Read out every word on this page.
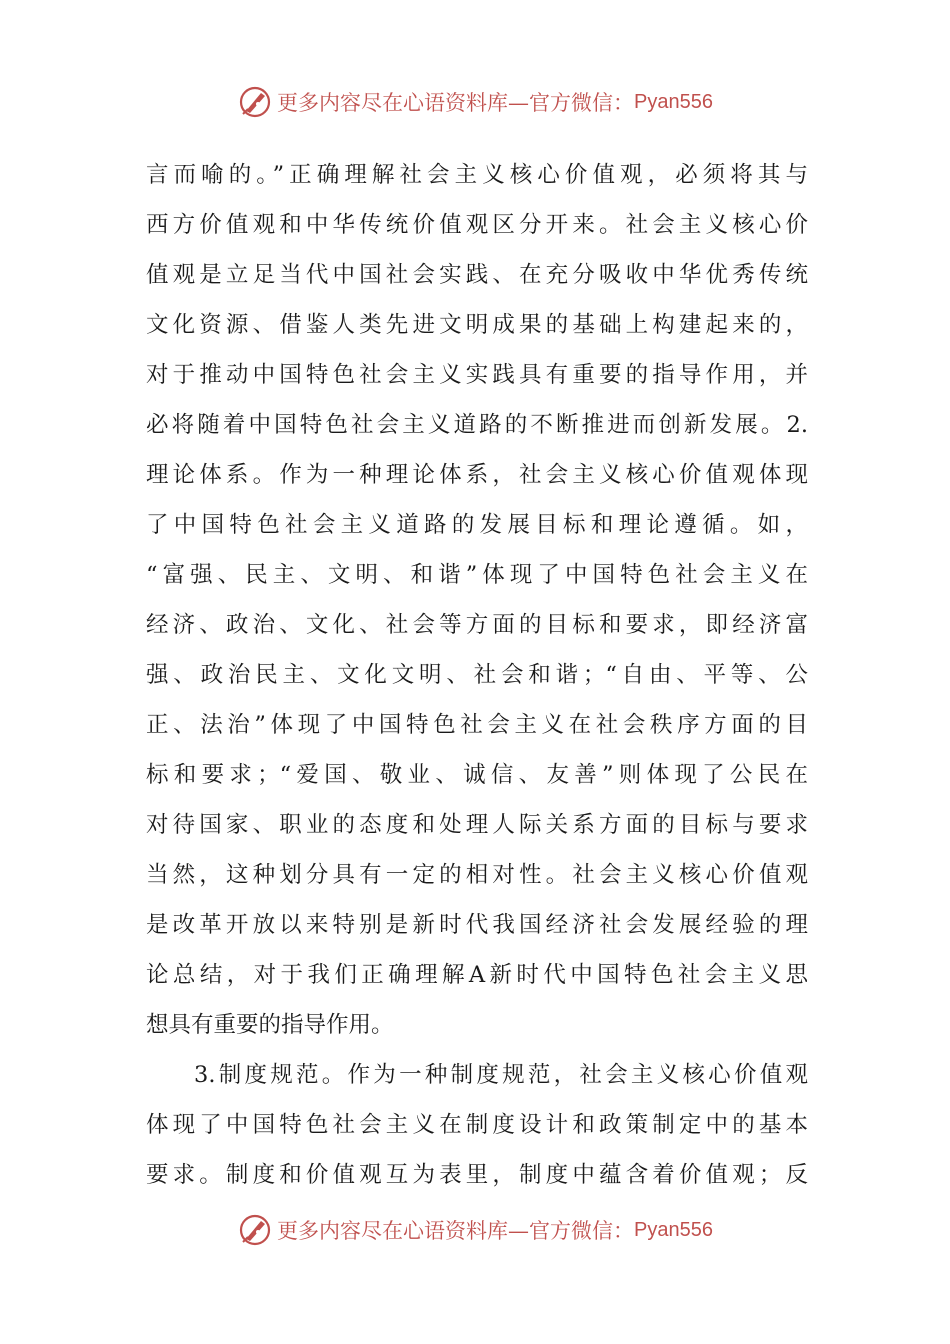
更多内容尽在心语资料库—官方微信： Pyan556
言而喻的。”正确理解社会主义核心价值观，必须将其与
西方价值观和中华传统价值观区分开来。社会主义核心价
值观是立足当代中国社会实践、在充分吸收中华优秀传统
文化资源、借鉴人类先进文明成果的基础上构建起来的，
对于推动中国特色社会主义实践具有重要的指导作用，并
必将随着中国特色社会主义道路的不断推进而创新发展。2.
理论体系。作为一种理论体系，社会主义核心价值观体现
了中国特色社会主义道路的发展目标和理论遵循。如，
“富强、民主、文明、和谐”体现了中国特色社会主义在
经济、政治、文化、社会等方面的目标和要求，即经济富
强、政治民主、文化文明、社会和谐；“自由、平等、公
正、法治”体现了中国特色社会主义在社会秩序方面的目
标和要求；“爱国、敬业、诚信、友善”则体现了公民在
对待国家、职业的态度和处理人际关系方面的目标与要求
当然，这种划分具有一定的相对性。社会主义核心价值观
是改革开放以来特别是新时代我国经济社会发展经验的理
论总结，对于我们正确理解A新时代中国特色社会主义思
想具有重要的指导作用。
3.制度规范。作为一种制度规范，社会主义核心价值观
体现了中国特色社会主义在制度设计和政策制定中的基本
要求。制度和价值观互为表里，制度中蕴含着价值观；反
更多内容尽在心语资料库—官方微信： Pyan556
